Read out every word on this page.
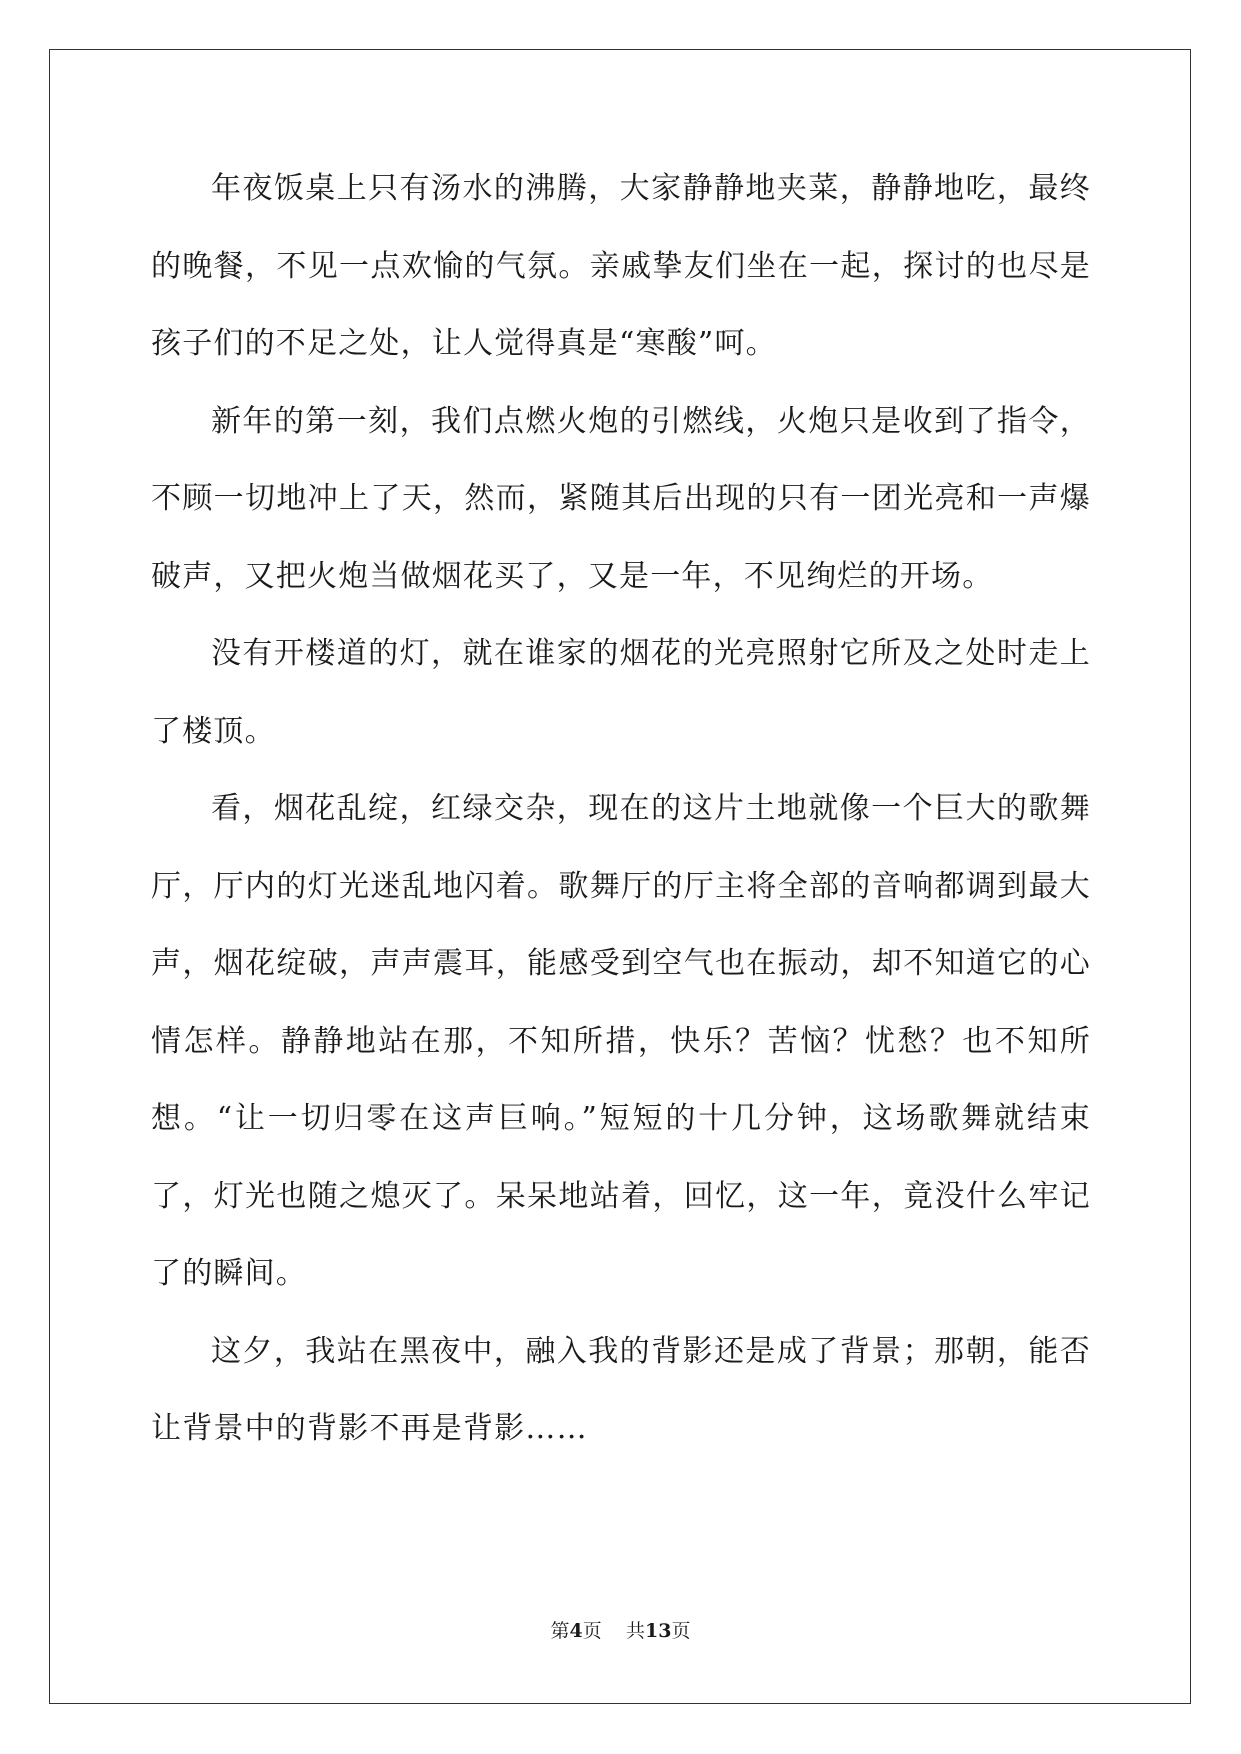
年夜饭桌上只有汤水的沸腾，大家静静地夹菜，静静地吃，最终的晚餐，不见一点欢愉的气氛。亲戚挚友们坐在一起，探讨的也尽是孩子们的不足之处，让人觉得真是“寒酸”呵。

新年的第一刻，我们点燃火炮的引燃线，火炮只是收到了指令，不顾一切地冲上了天，然而，紧随其后出现的只有一团光亮和一声爆破声，又把火炮当做烟花买了，又是一年，不见绚烂的开场。

没有开楼道的灯，就在谁家的烟花的光亮照射它所及之处时走上了楼顶。

看，烟花乱绽，红绿交杂，现在的这片土地就像一个巨大的歌舞厅，厅内的灯光迷乱地闪着。歌舞厅的厅主将全部的音响都调到最大声，烟花绽破，声声震耳，能感受到空气也在振动，却不知道它的心情怎样。静静地站在那，不知所措，快乐？苦恼？忧愁？也不知所想。“让一切归零在这声巨响。”短短的十几分钟，这场歌舞就结束了，灯光也随之熄灭了。呆呆地站着，回忆，这一年，竟没什么牢记了的瞬间。

这夕，我站在黑夜中，融入我的背影还是成了背景；那朝，能否让背景中的背影不再是背影……

第4页 共13页
